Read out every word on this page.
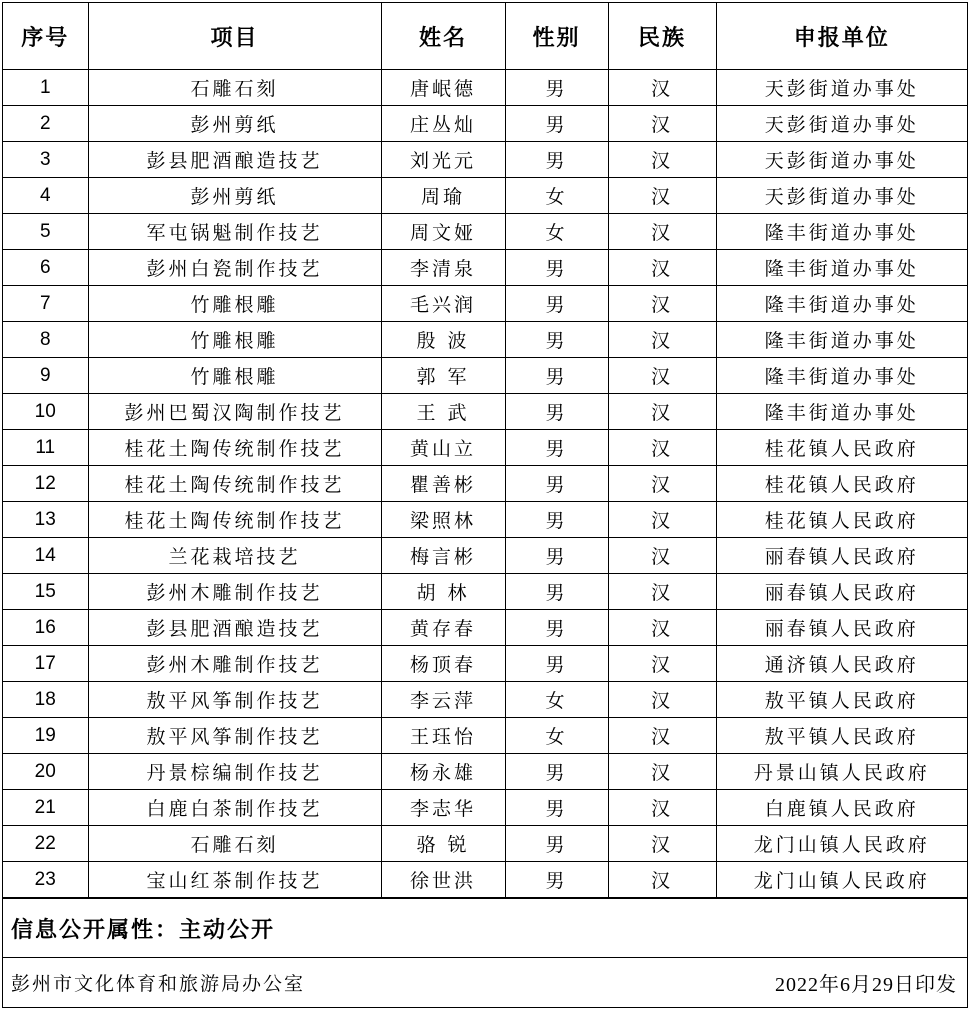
序号	项目	姓名	性别	民族	申报单位
1	石雕石刻	唐岷德	男	汉	天彭街道办事处
2	彭州剪纸	庄丛灿	男	汉	天彭街道办事处
3	彭县肥酒酿造技艺	刘光元	男	汉	天彭街道办事处
4	彭州剪纸	周瑜	女	汉	天彭街道办事处
5	军屯锅魁制作技艺	周文娅	女	汉	隆丰街道办事处
6	彭州白瓷制作技艺	李清泉	男	汉	隆丰街道办事处
7	竹雕根雕	毛兴润	男	汉	隆丰街道办事处
8	竹雕根雕	殷 波	男	汉	隆丰街道办事处
9	竹雕根雕	郭 军	男	汉	隆丰街道办事处
10	彭州巴蜀汉陶制作技艺	王 武	男	汉	隆丰街道办事处
11	桂花土陶传统制作技艺	黄山立	男	汉	桂花镇人民政府
12	桂花土陶传统制作技艺	瞿善彬	男	汉	桂花镇人民政府
13	桂花土陶传统制作技艺	梁照林	男	汉	桂花镇人民政府
14	兰花栽培技艺	梅言彬	男	汉	丽春镇人民政府
15	彭州木雕制作技艺	胡 林	男	汉	丽春镇人民政府
16	彭县肥酒酿造技艺	黄存春	男	汉	丽春镇人民政府
17	彭州木雕制作技艺	杨顶春	男	汉	通济镇人民政府
18	敖平风筝制作技艺	李云萍	女	汉	敖平镇人民政府
19	敖平风筝制作技艺	王珏怡	女	汉	敖平镇人民政府
20	丹景棕编制作技艺	杨永雄	男	汉	丹景山镇人民政府
21	白鹿白茶制作技艺	李志华	男	汉	白鹿镇人民政府
22	石雕石刻	骆 锐	男	汉	龙门山镇人民政府
23	宝山红茶制作技艺	徐世洪	男	汉	龙门山镇人民政府
信息公开属性：主动公开
彭州市文化体育和旅游局办公室	2022年6月29日印发
